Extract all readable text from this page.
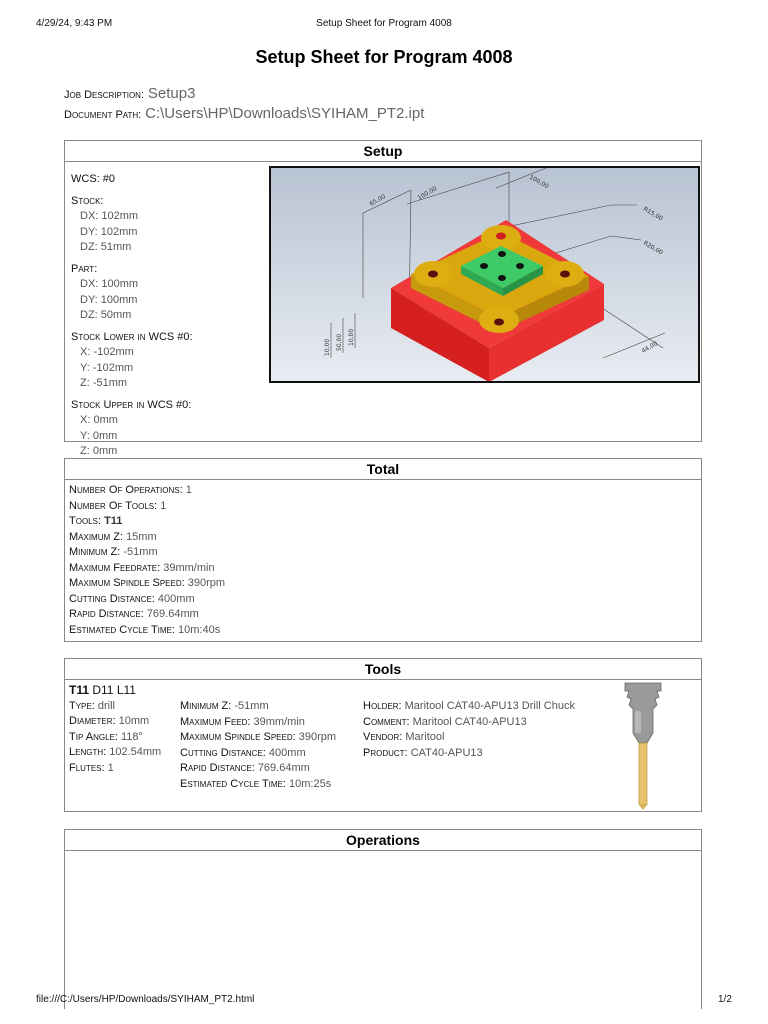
4/29/24, 9:43 PM	Setup Sheet for Program 4008
Setup Sheet for Program 4008
Job Description: Setup3
Document Path: C:\Users\HP\Downloads\SYIHAM_PT2.ipt
Setup
WCS: #0
Stock:
DX: 102mm
DY: 102mm
DZ: 51mm
Part:
DX: 100mm
DY: 100mm
DZ: 50mm
Stock Lower in WCS #0:
X: -102mm
Y: -102mm
Z: -51mm
Stock Upper in WCS #0:
X: 0mm
Y: 0mm
Z: 0mm
65,00	100,00
100,00
R15,00
R20,00
44,00
10,00 50,00 10,00
Total
Number Of Operations: 1
Number Of Tools: 1
Tools: T11
Maximum Z: 15mm
Minimum Z: -51mm
Maximum Feedrate: 39mm/min
Maximum Spindle Speed: 390rpm
Cutting Distance: 400mm
Rapid Distance: 769.64mm
Estimated Cycle Time: 10m:40s
Tools
T11 D11 L11
Type: drill
Diameter: 10mm
Tip Angle: 118°
Length: 102.54mm
Flutes: 1
Minimum Z: -51mm
Maximum Feed: 39mm/min
Maximum Spindle Speed: 390rpm
Cutting Distance: 400mm
Rapid Distance: 769.64mm
Estimated Cycle Time: 10m:25s
Holder: Maritool CAT40-APU13 Drill Chuck
Comment: Maritool CAT40-APU13
Vendor: Maritool
Product: CAT40-APU13
Operations
file:///C:/Users/HP/Downloads/SYIHAM_PT2.html	1/2
